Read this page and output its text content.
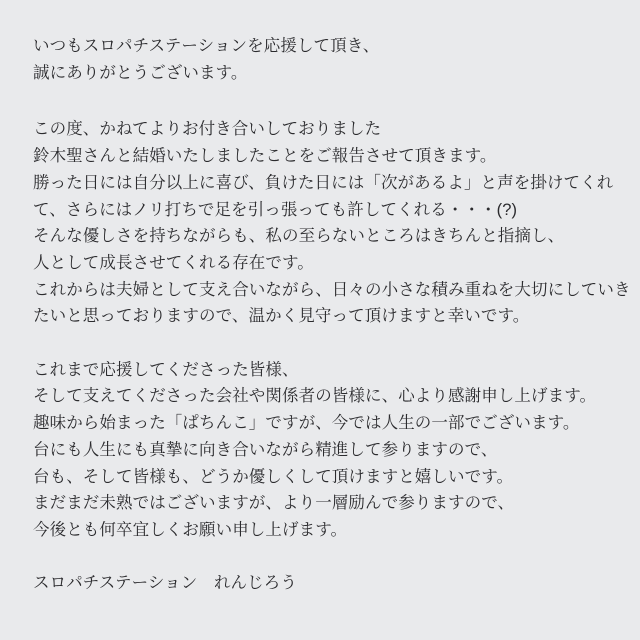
いつもスロパチステーションを応援して頂き、
誠にありがとうございます。
この度、かねてよりお付き合いしておりました
鈴木聖さんと結婚いたしましたことをご報告させて頂きます。
勝った日には自分以上に喜び、負けた日には「次があるよ」と声を掛けてくれ
て、さらにはノリ打ちで足を引っ張っても許してくれる・・・(?)
そんな優しさを持ちながらも、私の至らないところはきちんと指摘し、
人として成長させてくれる存在です。
これからは夫婦として支え合いながら、日々の小さな積み重ねを大切にしていき
たいと思っておりますので、温かく見守って頂けますと幸いです。
これまで応援してくださった皆様、
そして支えてくださった会社や関係者の皆様に、心より感謝申し上げます。
趣味から始まった「ぱちんこ」ですが、今では人生の一部でございます。
台にも人生にも真摯に向き合いながら精進して参りますので、
台も、そして皆様も、どうか優しくして頂けますと嬉しいです。
まだまだ未熟ではございますが、より一層励んで参りますので、
今後とも何卒宜しくお願い申し上げます。
スロパチステーション　れんじろう
